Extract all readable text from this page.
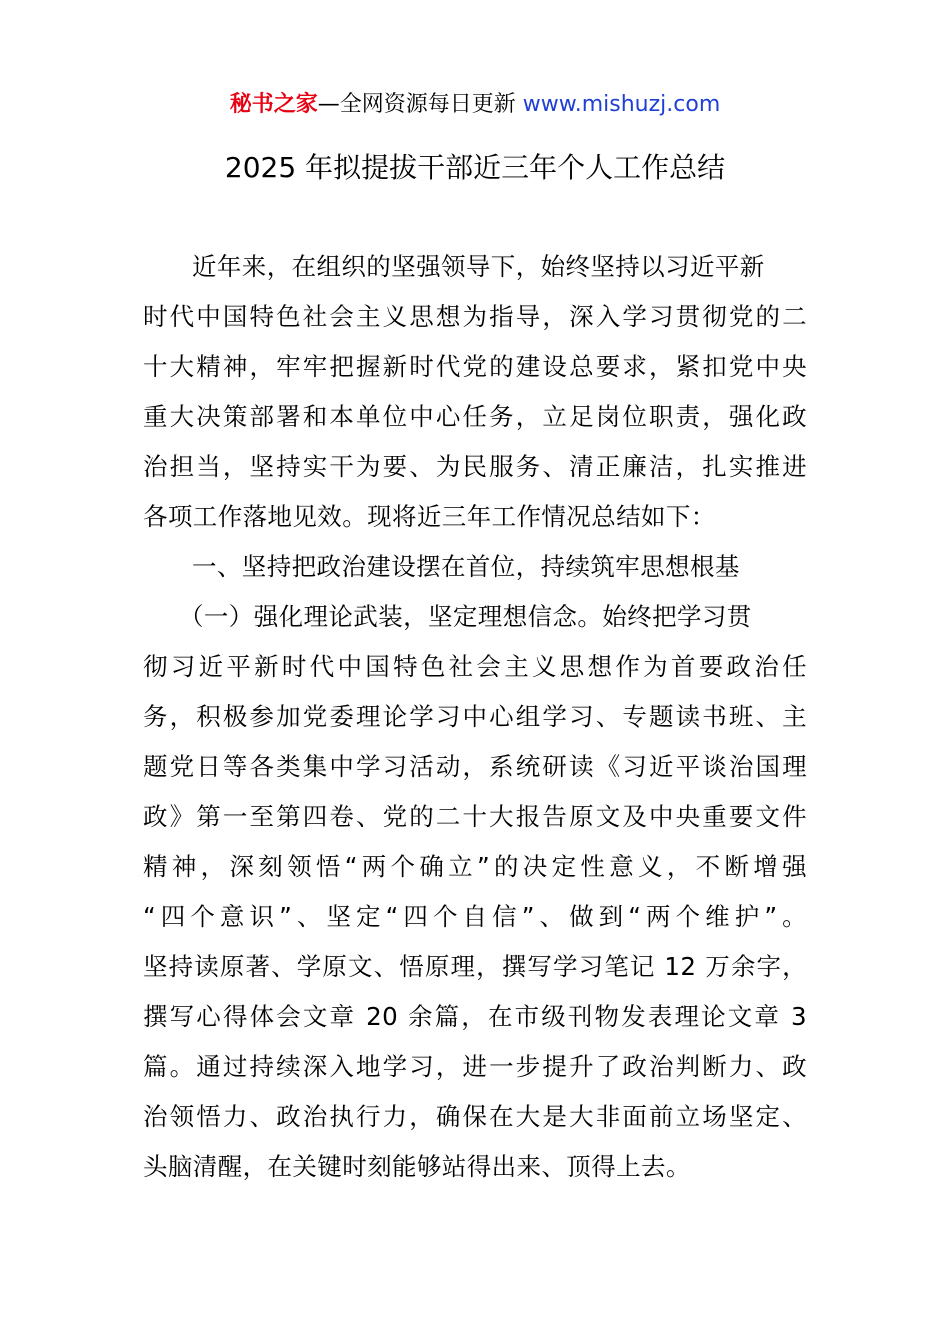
秘书之家—全网资源每日更新 www.mishuzj.com
2025 年拟提拔干部近三年个人工作总结
近年来，在组织的坚强领导下，始终坚持以习近平新
时代中国特色社会主义思想为指导，深入学习贯彻党的二
十大精神，牢牢把握新时代党的建设总要求，紧扣党中央
重大决策部署和本单位中心任务，立足岗位职责，强化政
治担当，坚持实干为要、为民服务、清正廉洁，扎实推进
各项工作落地见效。现将近三年工作情况总结如下：
一、坚持把政治建设摆在首位，持续筑牢思想根基
（一）强化理论武装，坚定理想信念。始终把学习贯
彻习近平新时代中国特色社会主义思想作为首要政治任
务，积极参加党委理论学习中心组学习、专题读书班、主
题党日等各类集中学习活动，系统研读《习近平谈治国理
政》第一至第四卷、党的二十大报告原文及中央重要文件
精神，深刻领悟“两个确立”的决定性意义，不断增强
“四个意识”、坚定“四个自信”、做到“两个维护”。
坚持读原著、学原文、悟原理，撰写学习笔记 12 万余字，
撰写心得体会文章 20 余篇，在市级刊物发表理论文章 3
篇。通过持续深入地学习，进一步提升了政治判断力、政
治领悟力、政治执行力，确保在大是大非面前立场坚定、
头脑清醒，在关键时刻能够站得出来、顶得上去。
